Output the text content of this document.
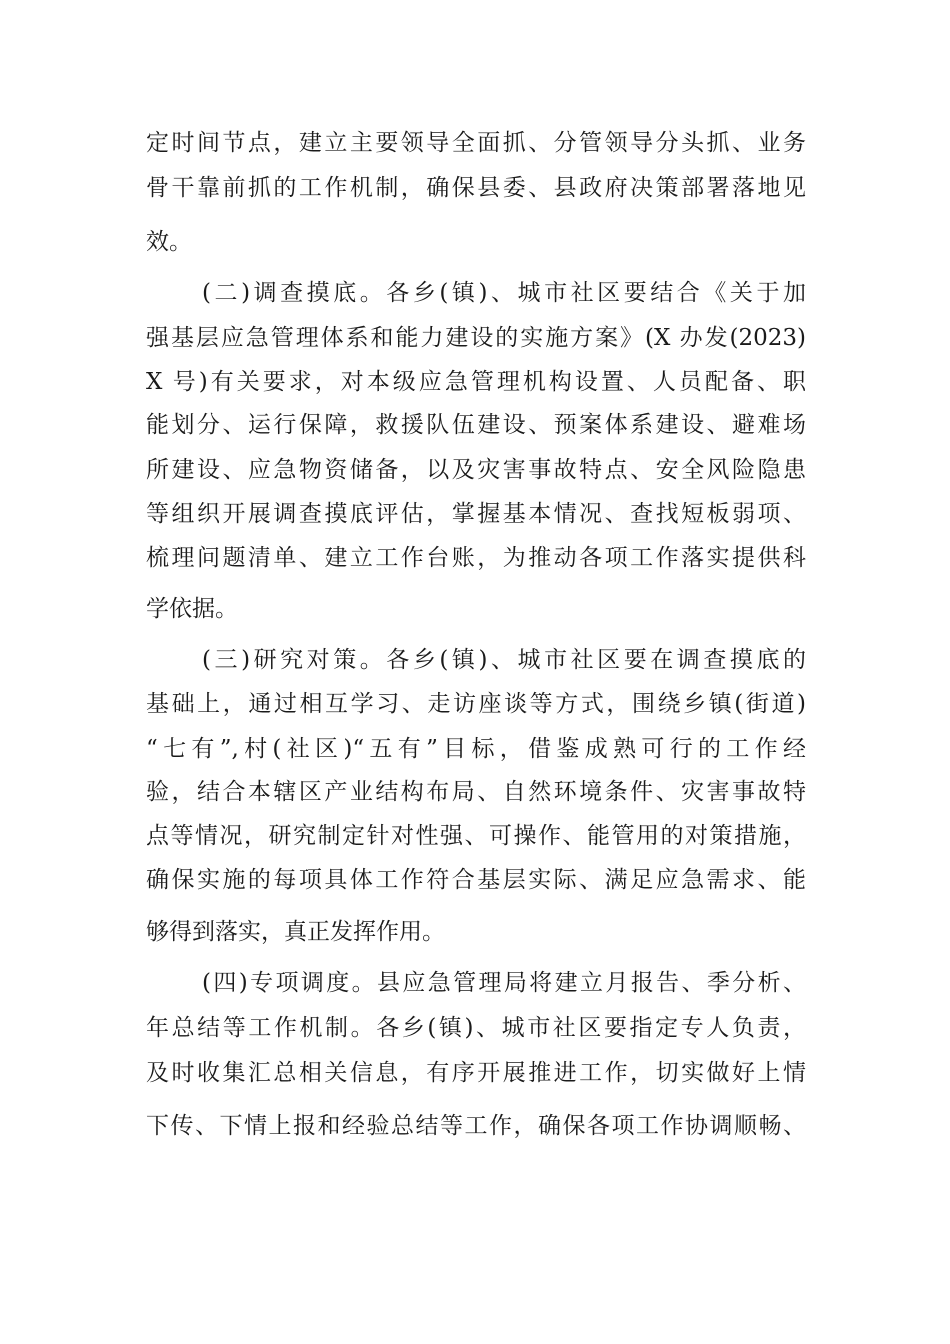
定时间节点，建立主要领导全面抓、分管领导分头抓、业务
骨干靠前抓的工作机制，确保县委、县政府决策部署落地见
效。
(二)调查摸底。各乡(镇)、城市社区要结合《关于加
强基层应急管理体系和能力建设的实施方案》(X 办发(2023)
X 号)有关要求，对本级应急管理机构设置、人员配备、职
能划分、运行保障，救援队伍建设、预案体系建设、避难场
所建设、应急物资储备，以及灾害事故特点、安全风险隐患
等组织开展调查摸底评估，掌握基本情况、查找短板弱项、
梳理问题清单、建立工作台账，为推动各项工作落实提供科
学依据。
(三)研究对策。各乡(镇)、城市社区要在调查摸底的
基础上，通过相互学习、走访座谈等方式，围绕乡镇(街道)
“七有”,村(社区)“五有”目标，借鉴成熟可行的工作经
验，结合本辖区产业结构布局、自然环境条件、灾害事故特
点等情况，研究制定针对性强、可操作、能管用的对策措施，
确保实施的每项具体工作符合基层实际、满足应急需求、能
够得到落实，真正发挥作用。
(四)专项调度。县应急管理局将建立月报告、季分析、
年总结等工作机制。各乡(镇)、城市社区要指定专人负责，
及时收集汇总相关信息，有序开展推进工作，切实做好上情
下传、下情上报和经验总结等工作，确保各项工作协调顺畅、
